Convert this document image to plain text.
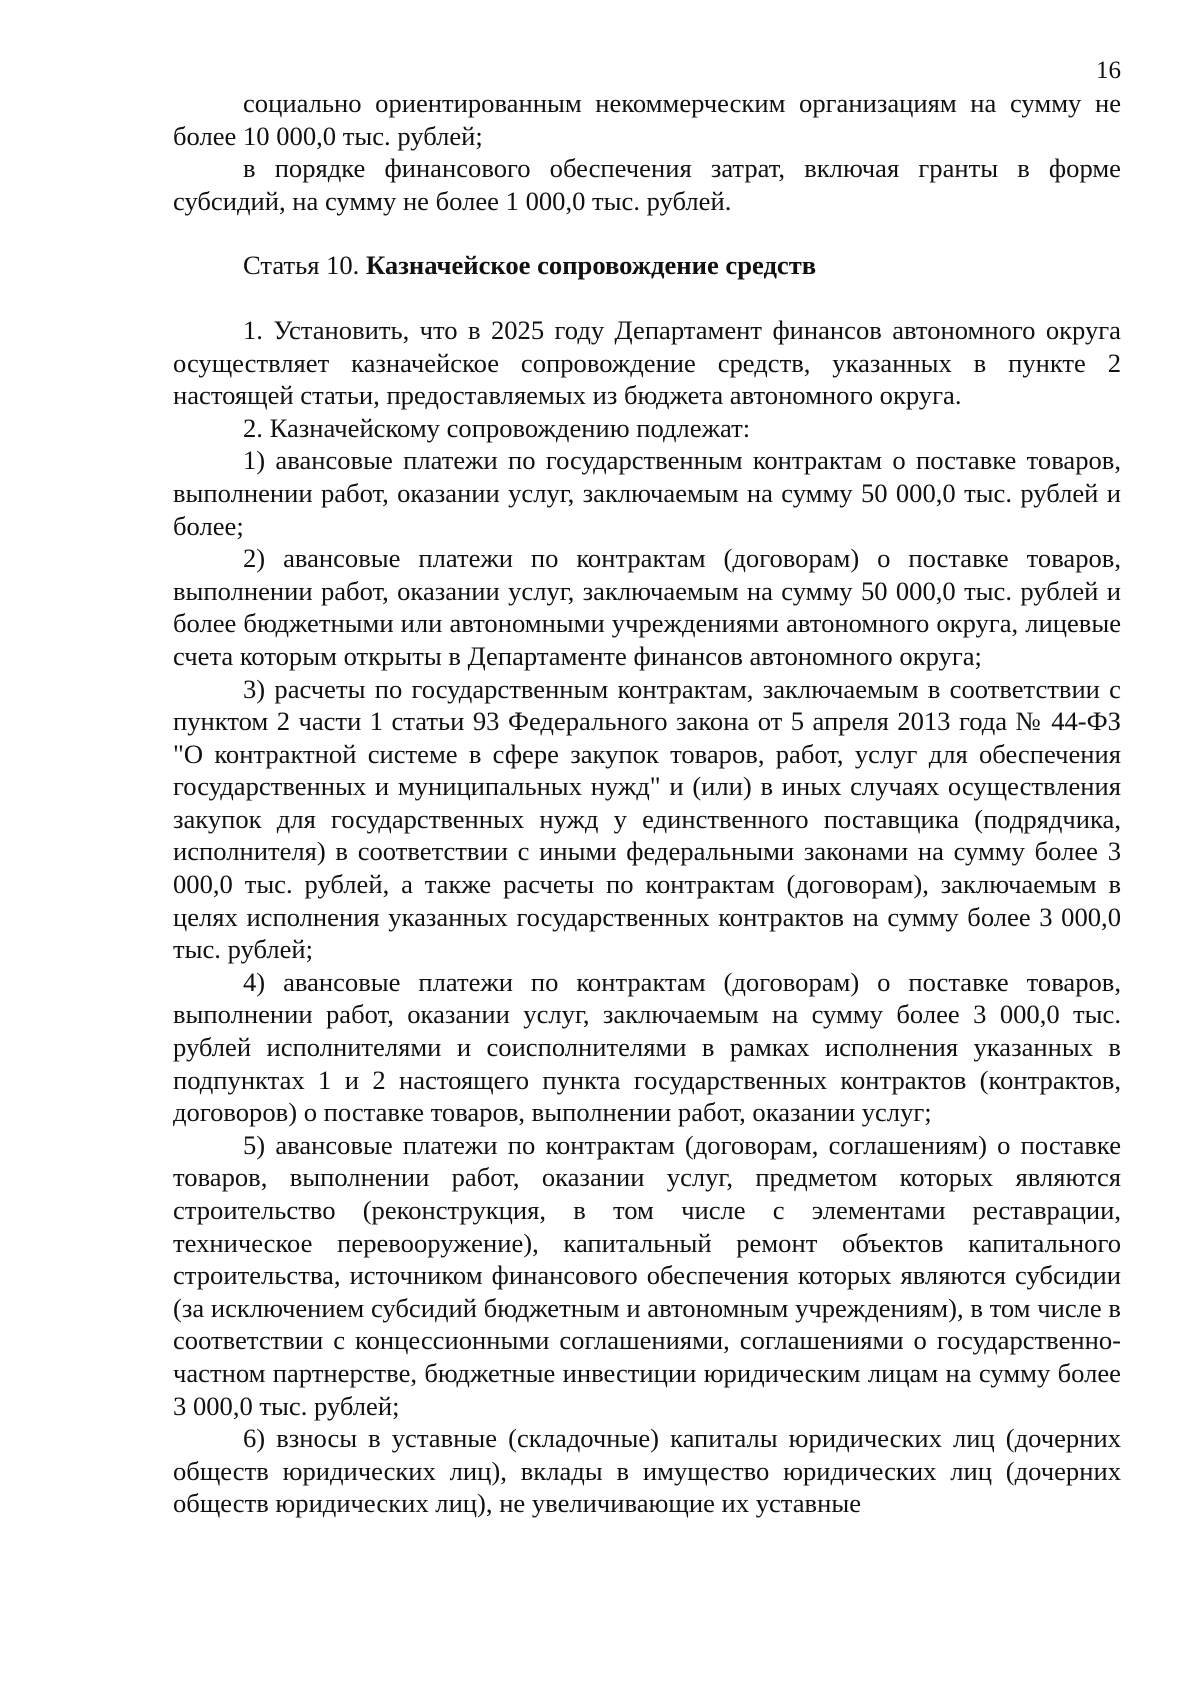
16

социально ориентированным некоммерческим организациям на сумму не более 10 000,0 тыс. рублей;

в порядке финансового обеспечения затрат, включая гранты в форме субсидий, на сумму не более 1 000,0 тыс. рублей.

Статья 10. Казначейское сопровождение средств

1. Установить, что в 2025 году Департамент финансов автономного округа осуществляет казначейское сопровождение средств, указанных в пункте 2 настоящей статьи, предоставляемых из бюджета автономного округа.

2. Казначейскому сопровождению подлежат:

1) авансовые платежи по государственным контрактам о поставке товаров, выполнении работ, оказании услуг, заключаемым на сумму 50 000,0 тыс. рублей и более;

2) авансовые платежи по контрактам (договорам) о поставке товаров, выполнении работ, оказании услуг, заключаемым на сумму 50 000,0 тыс. рублей и более бюджетными или автономными учреждениями автономного округа, лицевые счета которым открыты в Департаменте финансов автономного округа;

3) расчеты по государственным контрактам, заключаемым в соответствии с пунктом 2 части 1 статьи 93 Федерального закона от 5 апреля 2013 года № 44-ФЗ "О контрактной системе в сфере закупок товаров, работ, услуг для обеспечения государственных и муниципальных нужд" и (или) в иных случаях осуществления закупок для государственных нужд у единственного поставщика (подрядчика, исполнителя) в соответствии с иными федеральными законами на сумму более 3 000,0 тыс. рублей, а также расчеты по контрактам (договорам), заключаемым в целях исполнения указанных государственных контрактов на сумму более 3 000,0 тыс. рублей;

4) авансовые платежи по контрактам (договорам) о поставке товаров, выполнении работ, оказании услуг, заключаемым на сумму более 3 000,0 тыс. рублей исполнителями и соисполнителями в рамках исполнения указанных в подпунктах 1 и 2 настоящего пункта государственных контрактов (контрактов, договоров) о поставке товаров, выполнении работ, оказании услуг;

5) авансовые платежи по контрактам (договорам, соглашениям) о поставке товаров, выполнении работ, оказании услуг, предметом которых являются строительство (реконструкция, в том числе с элементами реставрации, техническое перевооружение), капитальный ремонт объектов капитального строительства, источником финансового обеспечения которых являются субсидии (за исключением субсидий бюджетным и автономным учреждениям), в том числе в соответствии с концессионными соглашениями, соглашениями о государственно-частном партнерстве, бюджетные инвестиции юридическим лицам на сумму более 3 000,0 тыс. рублей;

6) взносы в уставные (складочные) капиталы юридических лиц (дочерних обществ юридических лиц), вклады в имущество юридических лиц (дочерних обществ юридических лиц), не увеличивающие их уставные
